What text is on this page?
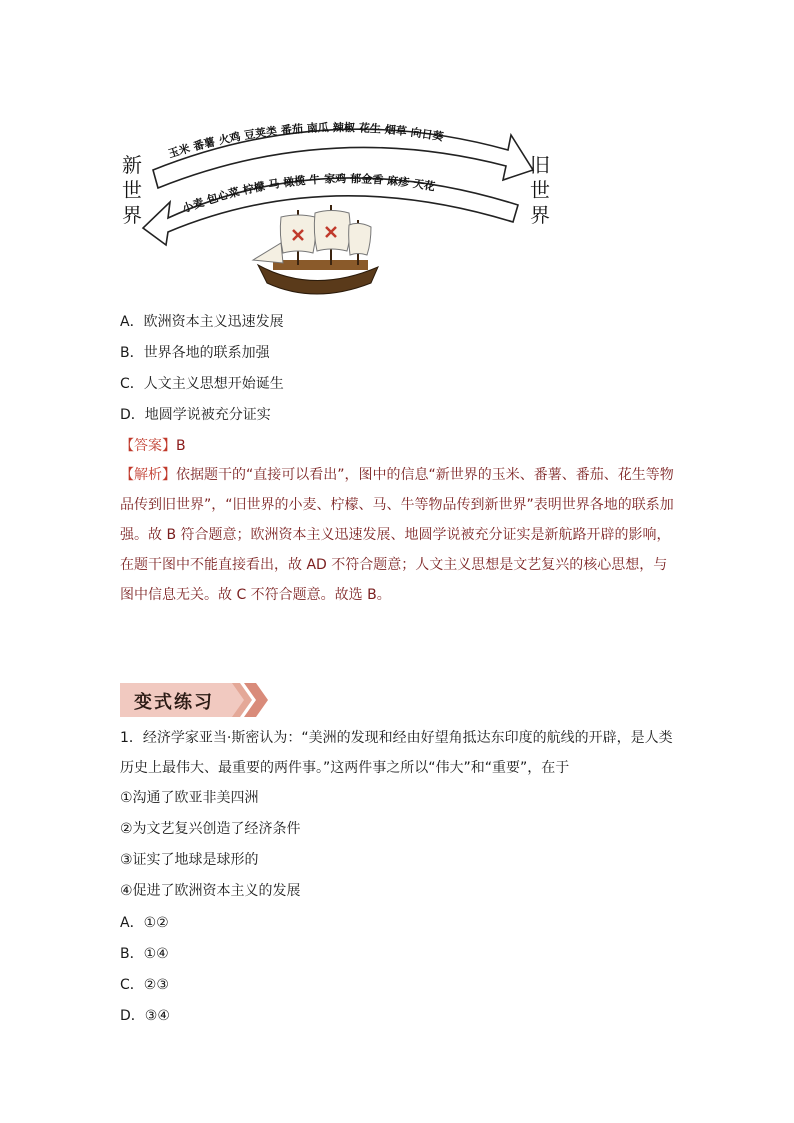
玉米 番薯 火鸡 豆荚类 番茄 南瓜 辣椒 花生 烟草 向日葵
小麦 包心菜 柠檬 马 橄榄 牛 家鸡 郁金香 麻疹 天花
新
世
界
旧
世
界
A．欧洲资本主义迅速发展
B．世界各地的联系加强
C．人文主义思想开始诞生
D．地圆学说被充分证实
【答案】B
【解析】依据题干的“直接可以看出”，图中的信息“新世界的玉米、番薯、番茄、花生等物品传到旧世界”，“旧世界的小麦、柠檬、马、牛等物品传到新世界”表明世界各地的联系加强。故 B 符合题意；欧洲资本主义迅速发展、地圆学说被充分证实是新航路开辟的影响，在题干图中不能直接看出，故 AD 不符合题意；人文主义思想是文艺复兴的核心思想，与图中信息无关。故 C 不符合题意。故选 B。
变式练习
1．经济学家亚当·斯密认为：“美洲的发现和经由好望角抵达东印度的航线的开辟，是人类历史上最伟大、最重要的两件事。”这两件事之所以“伟大”和“重要”，在于
①沟通了欧亚非美四洲
②为文艺复兴创造了经济条件
③证实了地球是球形的
④促进了欧洲资本主义的发展
A．①②
B．①④
C．②③
D．③④
